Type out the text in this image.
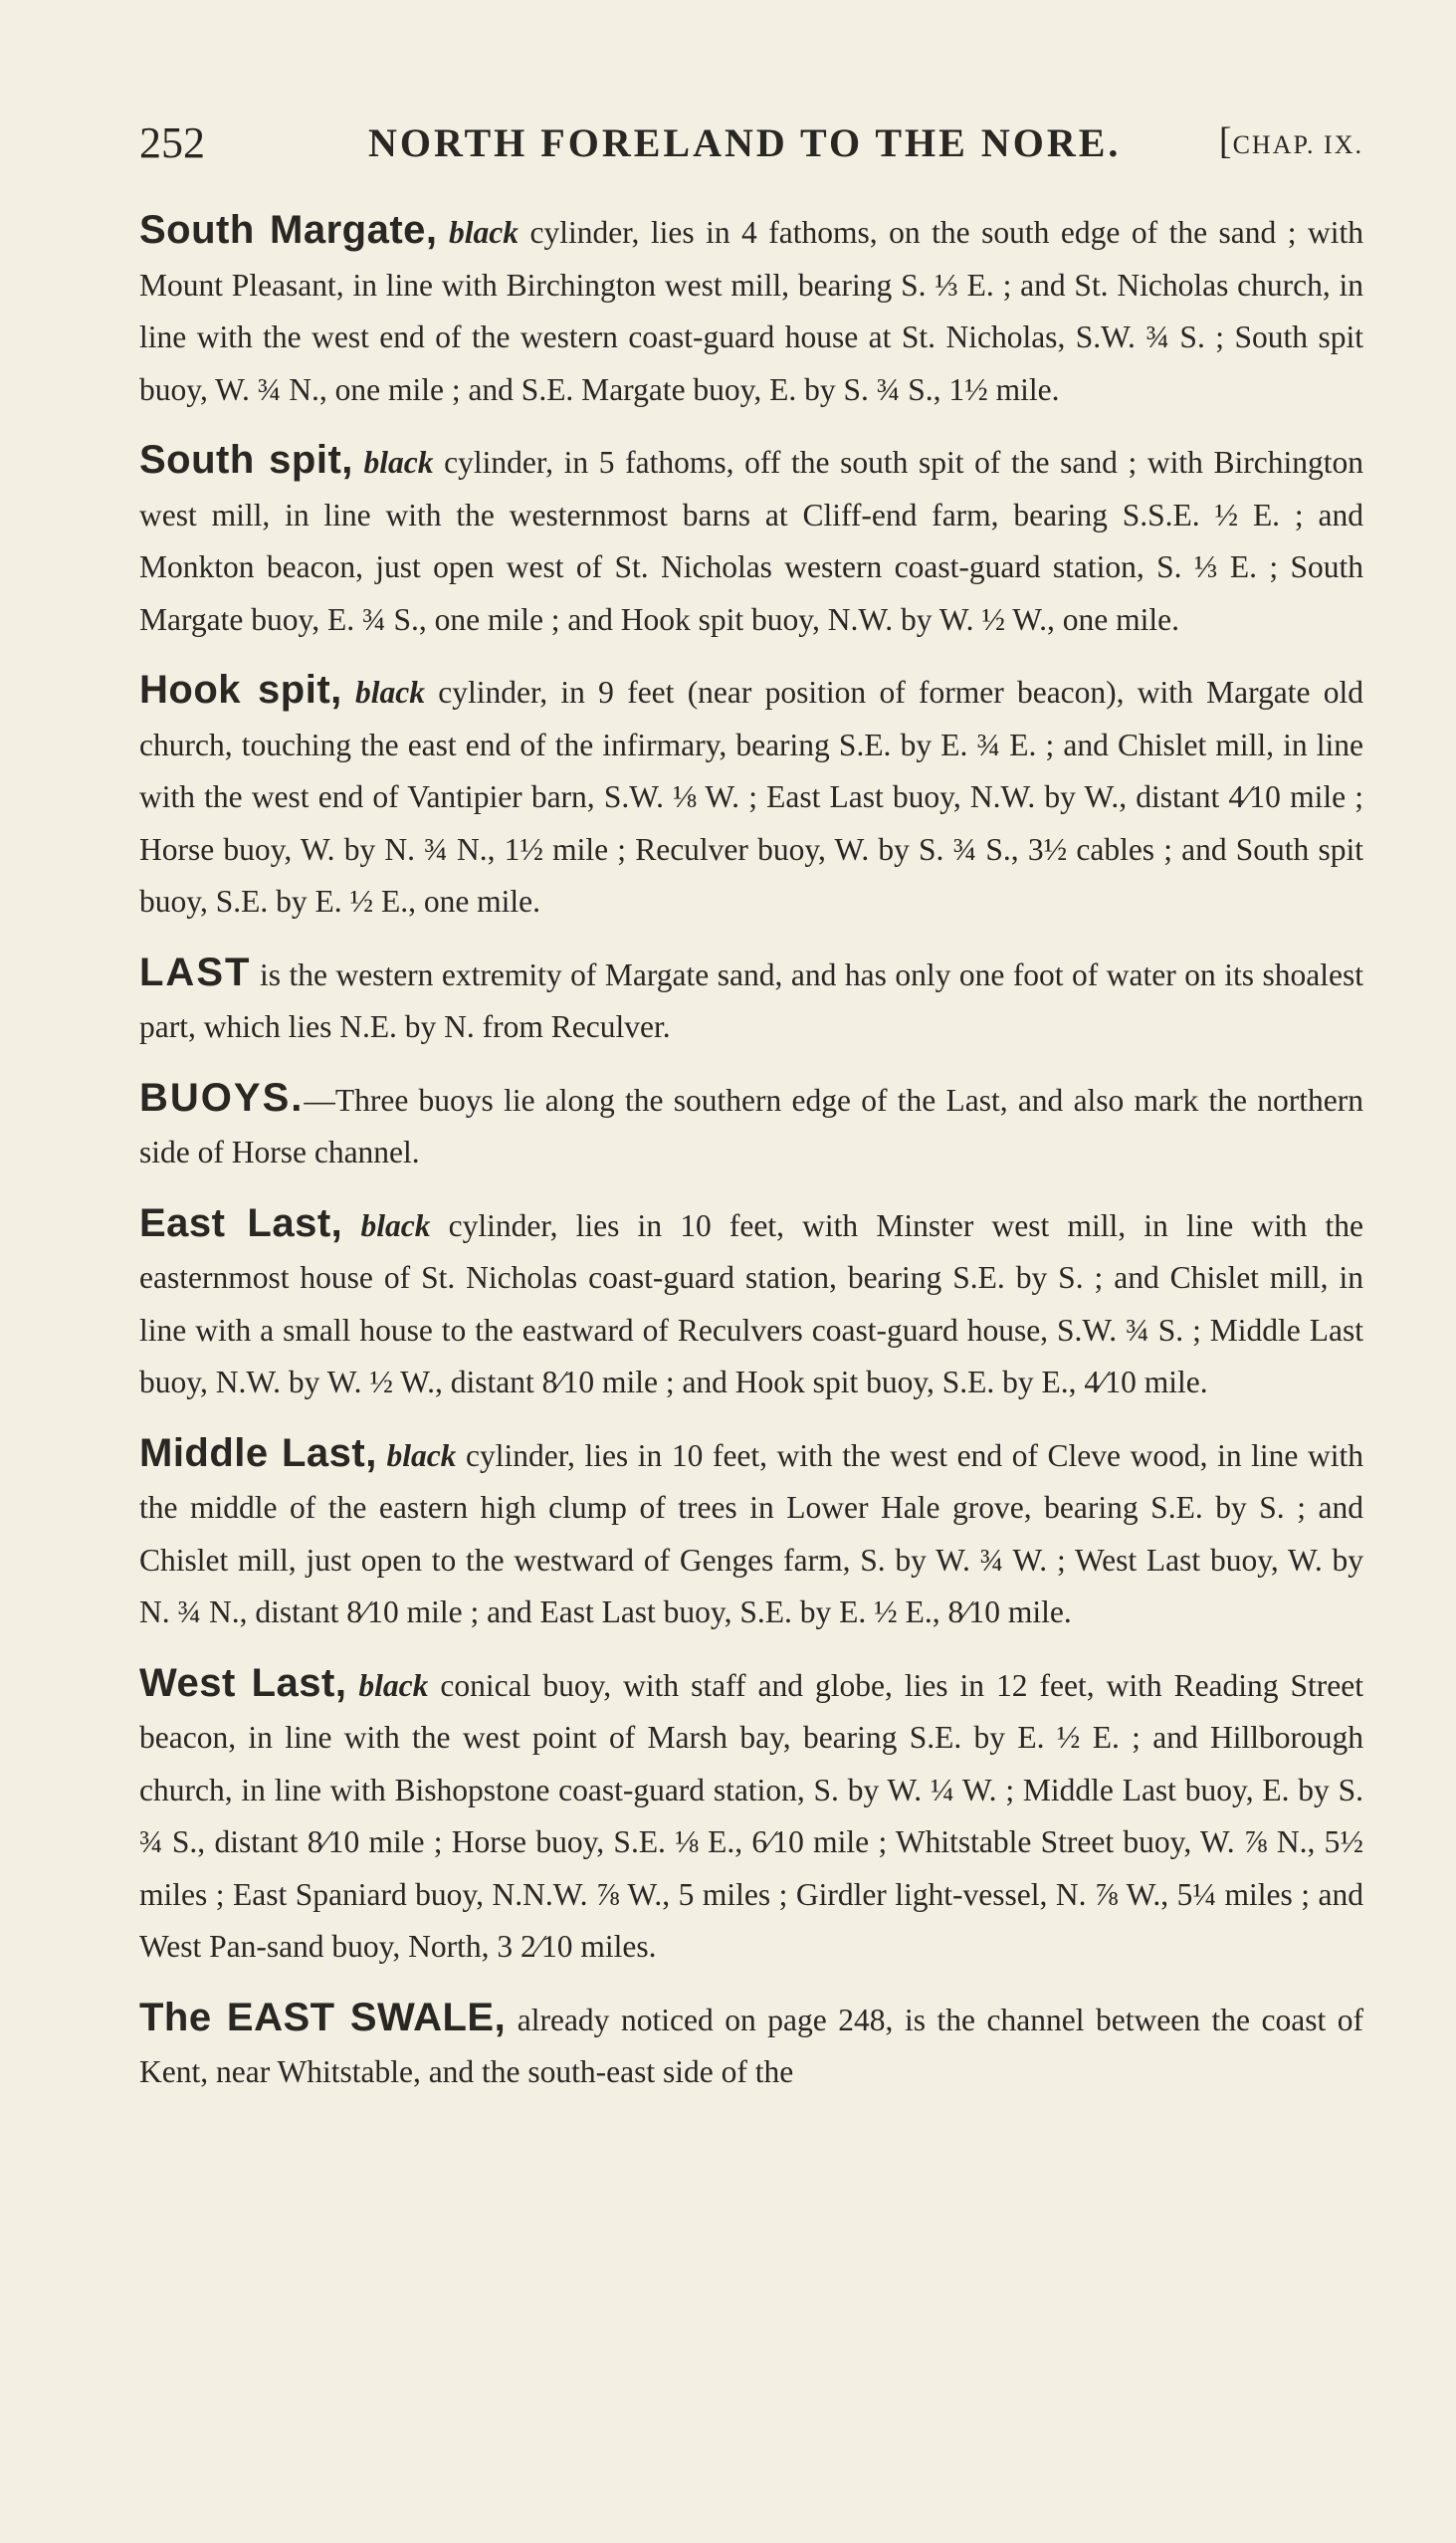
252	NORTH FORELAND TO THE NORE.	[CHAP. IX.

South Margate, black cylinder, lies in 4 fathoms, on the south edge of the sand ; with Mount Pleasant, in line with Birchington west mill, bearing S. ⅓ E. ; and St. Nicholas church, in line with the west end of the western coast-guard house at St. Nicholas, S.W. ¾ S. ; South spit buoy, W. ¾ N., one mile ; and S.E. Margate buoy, E. by S. ¾ S., 1½ mile.

South spit, black cylinder, in 5 fathoms, off the south spit of the sand ; with Birchington west mill, in line with the westernmost barns at Cliff-end farm, bearing S.S.E. ½ E. ; and Monkton beacon, just open west of St. Nicholas western coast-guard station, S. ⅓ E. ; South Margate buoy, E. ¾ S., one mile ; and Hook spit buoy, N.W. by W. ½ W., one mile.

Hook spit, black cylinder, in 9 feet (near position of former beacon), with Margate old church, touching the east end of the infirmary, bearing S.E. by E. ¾ E. ; and Chislet mill, in line with the west end of Vantipier barn, S.W. ⅛ W. ; East Last buoy, N.W. by W., distant 4⁄10 mile ; Horse buoy, W. by N. ¾ N., 1½ mile ; Reculver buoy, W. by S. ¾ S., 3½ cables ; and South spit buoy, S.E. by E. ½ E., one mile.

LAST is the western extremity of Margate sand, and has only one foot of water on its shoalest part, which lies N.E. by N. from Reculver.

BUOYS.—Three buoys lie along the southern edge of the Last, and also mark the northern side of Horse channel.

East Last, black cylinder, lies in 10 feet, with Minster west mill, in line with the easternmost house of St. Nicholas coast-guard station, bearing S.E. by S. ; and Chislet mill, in line with a small house to the eastward of Reculvers coast-guard house, S.W. ¾ S. ; Middle Last buoy, N.W. by W. ½ W., distant 8⁄10 mile ; and Hook spit buoy, S.E. by E., 4⁄10 mile.

Middle Last, black cylinder, lies in 10 feet, with the west end of Cleve wood, in line with the middle of the eastern high clump of trees in Lower Hale grove, bearing S.E. by S. ; and Chislet mill, just open to the westward of Genges farm, S. by W. ¾ W. ; West Last buoy, W. by N. ¾ N., distant 8⁄10 mile ; and East Last buoy, S.E. by E. ½ E., 8⁄10 mile.

West Last, black conical buoy, with staff and globe, lies in 12 feet, with Reading Street beacon, in line with the west point of Marsh bay, bearing S.E. by E. ½ E. ; and Hillborough church, in line with Bishopstone coast-guard station, S. by W. ¼ W. ; Middle Last buoy, E. by S. ¾ S., distant 8⁄10 mile ; Horse buoy, S.E. ⅛ E., 6⁄10 mile ; Whitstable Street buoy, W. ⅞ N., 5½ miles ; East Spaniard buoy, N.N.W. ⅞ W., 5 miles ; Girdler light-vessel, N. ⅞ W., 5¼ miles ; and West Pan-sand buoy, North, 3 2⁄10 miles.

The EAST SWALE, already noticed on page 248, is the channel between the coast of Kent, near Whitstable, and the south-east side of the
